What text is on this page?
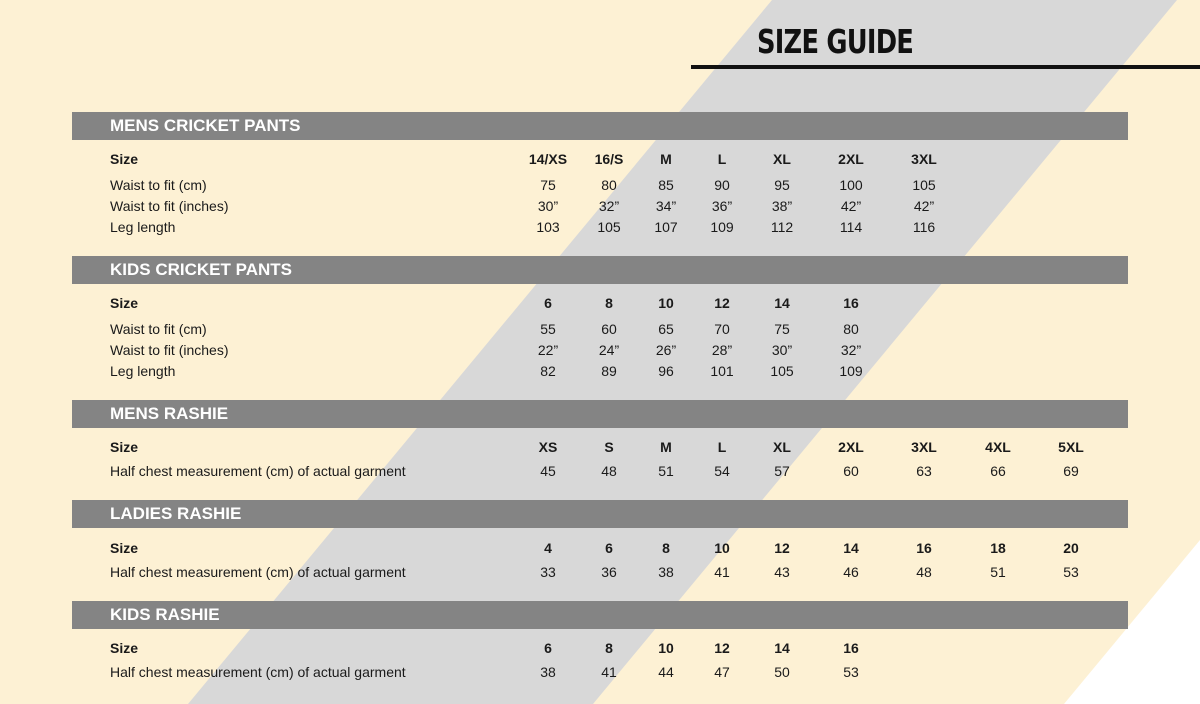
SIZE GUIDE
MENS CRICKET PANTS
Size	14/XS	16/S	M	L	XL	2XL	3XL
Waist to fit (cm)	75	80	85	90	95	100	105
Waist to fit (inches)	30”	32”	34”	36”	38”	42”	42”
Leg length	103	105	107	109	112	114	116
KIDS CRICKET PANTS
Size	6	8	10	12	14	16
Waist to fit (cm)	55	60	65	70	75	80
Waist to fit (inches)	22”	24”	26”	28”	30”	32”
Leg length	82	89	96	101	105	109
MENS RASHIE
Size	XS	S	M	L	XL	2XL	3XL	4XL	5XL
Half chest measurement (cm) of actual garment	45	48	51	54	57	60	63	66	69
LADIES RASHIE
Size	4	6	8	10	12	14	16	18	20
Half chest measurement (cm) of actual garment	33	36	38	41	43	46	48	51	53
KIDS RASHIE
Size	6	8	10	12	14	16
Half chest measurement (cm) of actual garment	38	41	44	47	50	53
